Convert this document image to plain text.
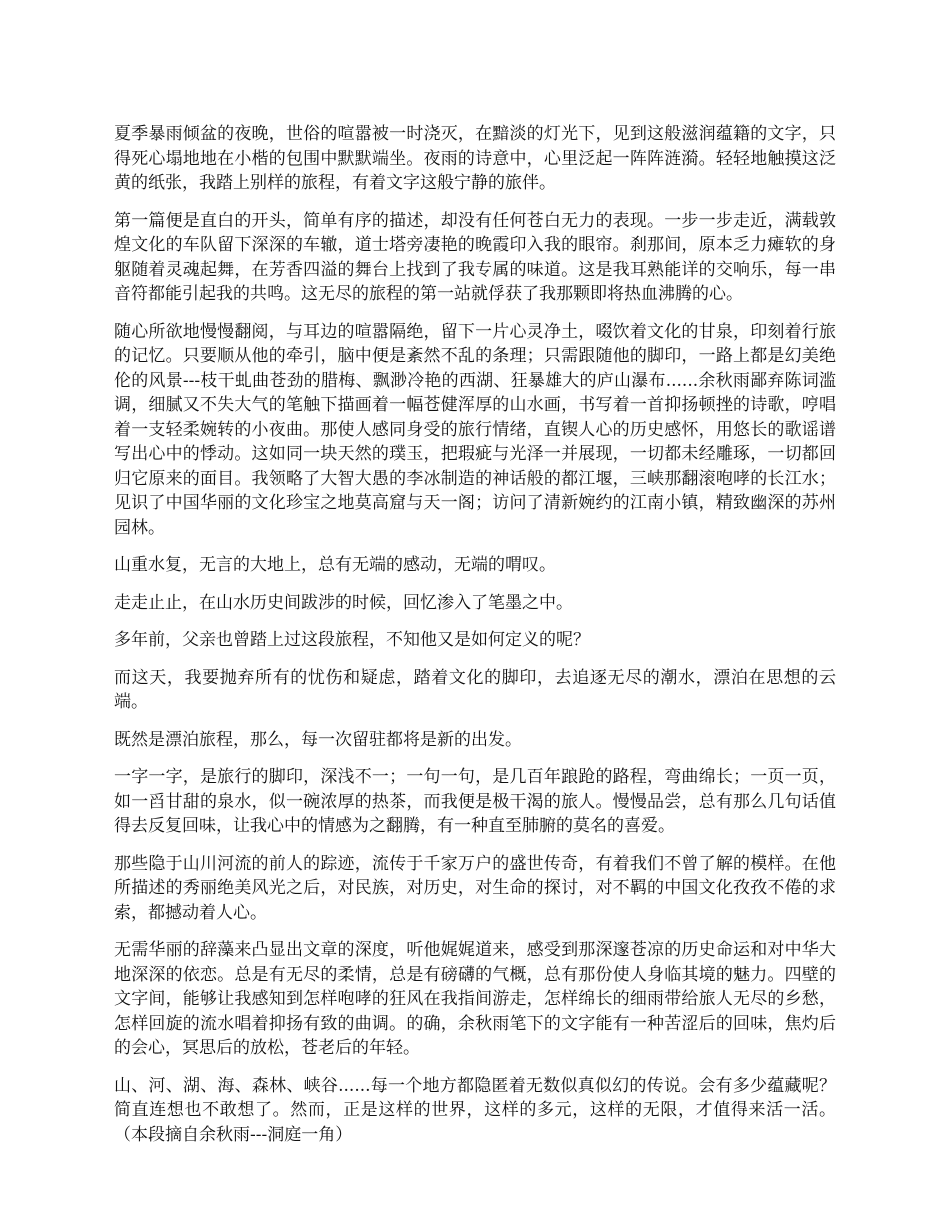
夏季暴雨倾盆的夜晚，世俗的喧嚣被一时浇灭，在黯淡的灯光下，见到这般滋润蕴籍的文字，只得死心塌地地在小楷的包围中默默端坐。夜雨的诗意中，心里泛起一阵阵涟漪。轻轻地触摸这泛黄的纸张，我踏上别样的旅程，有着文字这般宁静的旅伴。

第一篇便是直白的开头，简单有序的描述，却没有任何苍白无力的表现。一步一步走近，满载敦煌文化的车队留下深深的车辙，道士塔旁凄艳的晚霞印入我的眼帘。刹那间，原本乏力瘫软的身躯随着灵魂起舞，在芳香四溢的舞台上找到了我专属的味道。这是我耳熟能详的交响乐，每一串音符都能引起我的共鸣。这无尽的旅程的第一站就俘获了我那颗即将热血沸腾的心。

随心所欲地慢慢翻阅，与耳边的喧嚣隔绝，留下一片心灵净土，啜饮着文化的甘泉，印刻着行旅的记忆。只要顺从他的牵引，脑中便是紊然不乱的条理；只需跟随他的脚印，一路上都是幻美绝伦的风景---枝干虬曲苍劲的腊梅、飘渺冷艳的西湖、狂暴雄大的庐山瀑布......余秋雨鄙弃陈词滥调，细腻又不失大气的笔触下描画着一幅苍健浑厚的山水画，书写着一首抑扬顿挫的诗歌，哼唱着一支轻柔婉转的小夜曲。那使人感同身受的旅行情绪，直锲人心的历史感怀，用悠长的歌谣谱写出心中的悸动。这如同一块天然的璞玉，把瑕疵与光泽一并展现，一切都未经雕琢，一切都回归它原来的面目。我领略了大智大愚的李冰制造的神话般的都江堰，三峡那翻滚咆哮的长江水；见识了中国华丽的文化珍宝之地莫高窟与天一阁；访问了清新婉约的江南小镇，精致幽深的苏州园林。

山重水复，无言的大地上，总有无端的感动，无端的喟叹。

走走止止，在山水历史间跋涉的时候，回忆渗入了笔墨之中。

多年前，父亲也曾踏上过这段旅程，不知他又是如何定义的呢？

而这天，我要抛弃所有的忧伤和疑虑，踏着文化的脚印，去追逐无尽的潮水，漂泊在思想的云端。

既然是漂泊旅程，那么，每一次留驻都将是新的出发。

一字一字，是旅行的脚印，深浅不一；一句一句，是几百年踉跄的路程，弯曲绵长；一页一页，如一舀甘甜的泉水，似一碗浓厚的热茶，而我便是极干渴的旅人。慢慢品尝，总有那么几句话值得去反复回味，让我心中的情感为之翻腾，有一种直至肺腑的莫名的喜爱。

那些隐于山川河流的前人的踪迹，流传于千家万户的盛世传奇，有着我们不曾了解的模样。在他所描述的秀丽绝美风光之后，对民族，对历史，对生命的探讨，对不羁的中国文化孜孜不倦的求索，都撼动着人心。

无需华丽的辞藻来凸显出文章的深度，听他娓娓道来，感受到那深邃苍凉的历史命运和对中华大地深深的依恋。总是有无尽的柔情，总是有磅礴的气概，总有那份使人身临其境的魅力。四壁的文字间，能够让我感知到怎样咆哮的狂风在我指间游走，怎样绵长的细雨带给旅人无尽的乡愁，怎样回旋的流水唱着抑扬有致的曲调。的确，余秋雨笔下的文字能有一种苦涩后的回味，焦灼后的会心，冥思后的放松，苍老后的年轻。

山、河、湖、海、森林、峡谷......每一个地方都隐匿着无数似真似幻的传说。会有多少蕴藏呢？简直连想也不敢想了。然而，正是这样的世界，这样的多元，这样的无限，才值得来活一活。（本段摘自余秋雨---洞庭一角）
